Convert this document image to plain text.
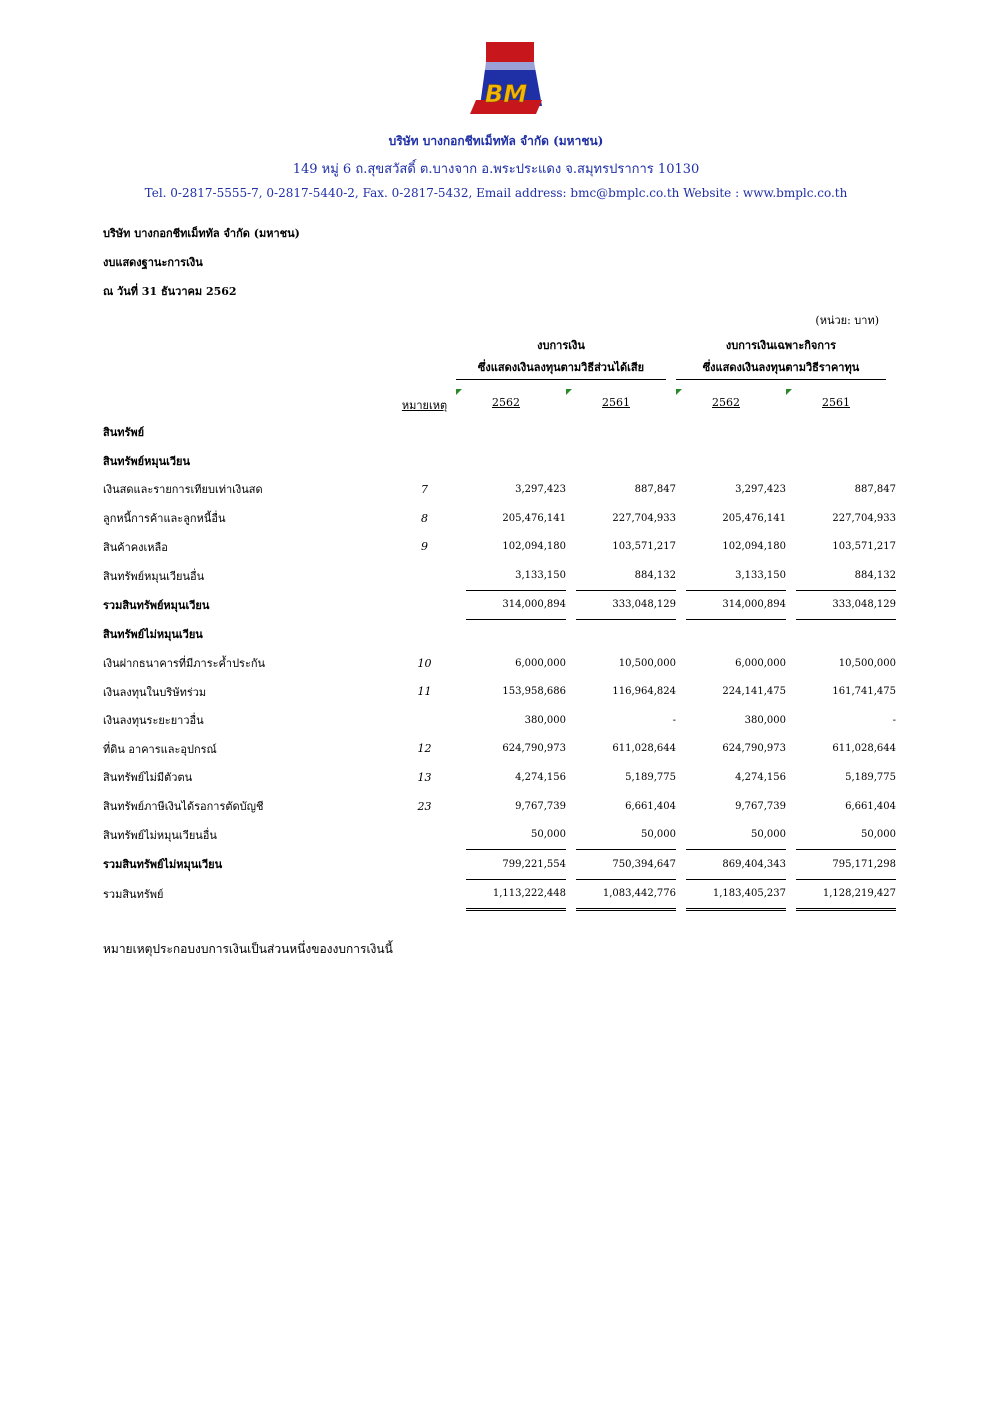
BM
บริษัท บางกอกชีทเม็ททัล จำกัด (มหาชน)
149 หมู่ 6 ถ.สุขสวัสดิ์ ต.บางจาก อ.พระประแดง จ.สมุทรปราการ 10130
Tel. 0-2817-5555-7, 0-2817-5440-2, Fax. 0-2817-5432, Email address: bmc@bmplc.co.th Website : www.bmplc.co.th
บริษัท บางกอกชีทเม็ททัล จำกัด (มหาชน)
งบแสดงฐานะการเงิน
ณ วันที่ 31 ธันวาคม 2562
(หน่วย: บาท)
งบการเงิน
ซึ่งแสดงเงินลงทุนตามวิธีส่วนได้เสีย
งบการเงินเฉพาะกิจการ
ซึ่งแสดงเงินลงทุนตามวิธีราคาทุน
หมายเหตุ	2562	2561	2562	2561
สินทรัพย์									
สินทรัพย์หมุนเวียน									
เงินสดและรายการเทียบเท่าเงินสด	7		3,297,423		887,847		3,297,423		887,847
ลูกหนี้การค้าและลูกหนี้อื่น	8		205,476,141		227,704,933		205,476,141		227,704,933
สินค้าคงเหลือ	9		102,094,180		103,571,217		102,094,180		103,571,217
สินทรัพย์หมุนเวียนอื่น			3,133,150		884,132		3,133,150		884,132
รวมสินทรัพย์หมุนเวียน			314,000,894		333,048,129		314,000,894		333,048,129
สินทรัพย์ไม่หมุนเวียน									
เงินฝากธนาคารที่มีภาระค้ำประกัน	10		6,000,000		10,500,000		6,000,000		10,500,000
เงินลงทุนในบริษัทร่วม	11		153,958,686		116,964,824		224,141,475		161,741,475
เงินลงทุนระยะยาวอื่น			380,000		-		380,000		-
ที่ดิน อาคารและอุปกรณ์	12		624,790,973		611,028,644		624,790,973		611,028,644
สินทรัพย์ไม่มีตัวตน	13		4,274,156		5,189,775		4,274,156		5,189,775
สินทรัพย์ภาษีเงินได้รอการตัดบัญชี	23		9,767,739		6,661,404		9,767,739		6,661,404
สินทรัพย์ไม่หมุนเวียนอื่น			50,000		50,000		50,000		50,000
รวมสินทรัพย์ไม่หมุนเวียน			799,221,554		750,394,647		869,404,343		795,171,298
รวมสินทรัพย์			1,113,222,448		1,083,442,776		1,183,405,237		1,128,219,427
หมายเหตุประกอบงบการเงินเป็นส่วนหนึ่งของงบการเงินนี้
